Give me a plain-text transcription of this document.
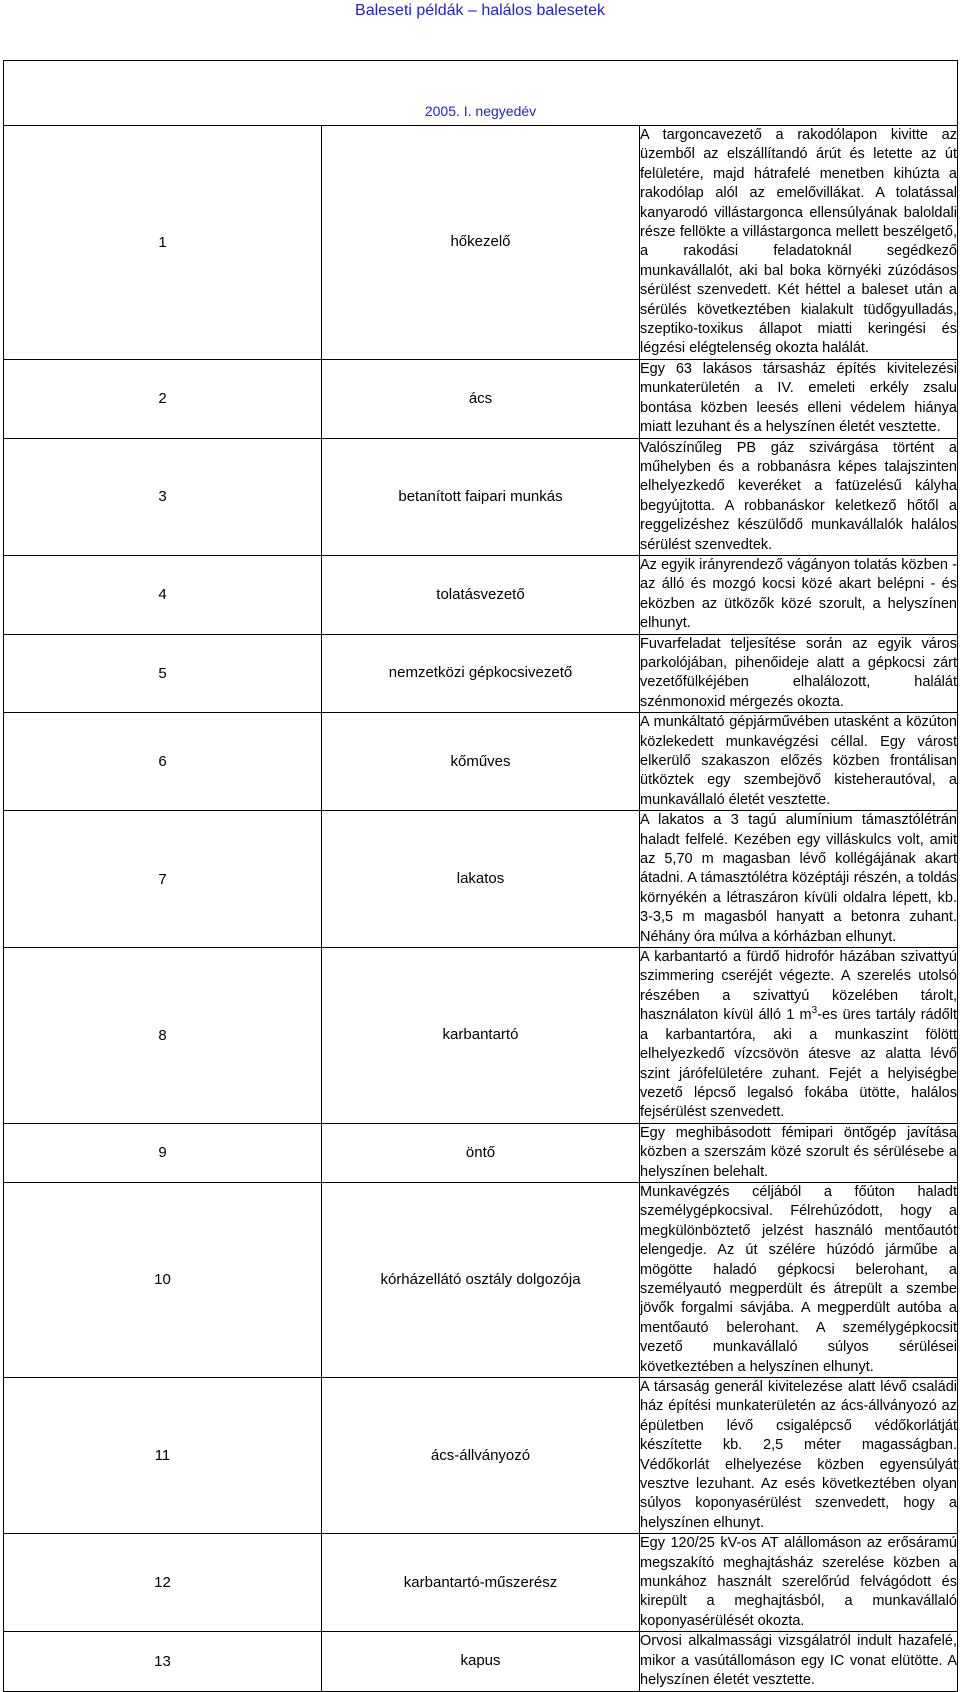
Baleseti példák – halálos balesetek
2005. I. negyedév		
1	hőkezelő	A targoncavezető a rakodólapon kivitte az üzemből az elszállítandó árút és letette az út felületére, majd hátrafelé menetben kihúzta a rakodólap alól az emelővillákat. A tolatással kanyarodó villástargonca ellensúlyának baloldali része fellökte a villástargonca mellett beszélgető, a rakodási feladatoknál segédkező munkavállalót, aki bal boka környéki zúzódásos sérülést szenvedett. Két héttel a baleset után a sérülés következtében kialakult tüdőgyulladás, szeptiko-toxikus állapot miatti keringési és légzési elégtelenség okozta halálát.
2	ács	Egy 63 lakásos társasház építés kivitelezési munkaterületén a IV. emeleti erkély zsalu bontása közben leesés elleni védelem hiánya miatt lezuhant és a helyszínen életét vesztette.
3	betanított faipari munkás	Valószínűleg PB gáz szivárgása történt a műhelyben és a robbanásra képes talajszinten elhelyezkedő keveréket a fatüzelésű kályha begyújtotta. A robbanáskor keletkező hőtől a reggelizéshez készülődő munkavállalók halálos sérülést szenvedtek.
4	tolatásvezető	Az egyik irányrendező vágányon tolatás közben - az álló és mozgó kocsi közé akart belépni - és eközben az ütközők közé szorult, a helyszínen elhunyt.
5	nemzetközi gépkocsivezető	Fuvarfeladat teljesítése során az egyik város parkolójában, pihenőideje alatt a gépkocsi zárt vezetőfülkéjében elhalálozott, halálát szénmonoxid mérgezés okozta.
6	kőműves	A munkáltató gépjárművében utasként a közúton közlekedett munkavégzési céllal. Egy várost elkerülő szakaszon előzés közben frontálisan ütköztek egy szembejövő kisteherautóval, a munkavállaló életét vesztette.
7	lakatos	A lakatos a 3 tagú alumínium támasztólétrán haladt felfelé. Kezében egy villáskulcs volt, amit az 5,70 m magasban lévő kollégájának akart átadni. A támasztólétra középtáji részén, a toldás környékén a létraszáron kívüli oldalra lépett, kb. 3-3,5 m magasból hanyatt a betonra zuhant. Néhány óra múlva a kórházban elhunyt.
8	karbantartó	A karbantartó a fürdő hidrofór házában szivattyú szimmering cseréjét végezte. A szerelés utolsó részében a szivattyú közelében tárolt, használaton kívül álló 1 $m^3-es$ üres tartály rádőlt a karbantartóra, aki a munkaszint fölött elhelyezkedő vízcsövön átesve az alatta lévő szint járófelületére zuhant. Fejét a helyiségbe vezető lépcső legalsó fokába ütötte, halálos fejsérülést szenvedett.
9	öntő	Egy meghibásodott fémipari öntőgép javítása közben a szerszám közé szorult és sérülésebe a helyszínen belehalt.
10	kórházellátó osztály dolgozója	Munkavégzés céljából a főúton haladt személygépkocsival. Félrehúzódott, hogy a megkülönböztető jelzést használó mentőautót elengedje. Az út szélére húzódó járműbe a mögötte haladó gépkocsi belerohant, a személyautó megperdült és átrepült a szembe jövők forgalmi sávjába. A megperdült autóba a mentőautó belerohant. A személygépkocsit vezető munkavállaló súlyos sérülései következtében a helyszínen elhunyt.
11	ács-állványozó	A társaság generál kivitelezése alatt lévő családi ház építési munkaterületén az ács-állványozó az épületben lévő csigalépcső védőkorlátját készítette kb. 2,5 méter magasságban. Védőkorlát elhelyezése közben egyensúlyát vesztve lezuhant. Az esés következtében olyan súlyos koponyasérülést szenvedett, hogy a helyszínen elhunyt.
12	karbantartó-műszerész	Egy 120/25 kV-os AT alállomáson az erősáramú megszakító meghajtásház szerelése közben a munkához használt szerelőrúd felvágódott és kirepült a meghajtásból, a munkavállaló koponyasérülését okozta.
13	kapus	Orvosi alkalmassági vizsgálatról indult hazafelé, mikor a vasútállomáson egy IC vonat elütötte. A helyszínen életét vesztette.
